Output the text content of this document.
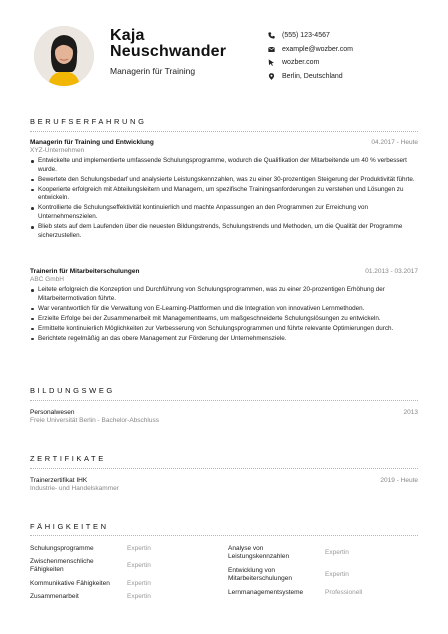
Kaja
Neuschwander
Managerin für Training
(555) 123-4567
example@wozber.com
wozber.com
Berlin, Deutschland
BERUFSERFAHRUNG
Managerin für Training und Entwicklung	04.2017 - Heute
XYZ-Unternehmen
Entwickelte und implementierte umfassende Schulungsprogramme, wodurch die Qualifikation der Mitarbeitende um 40 % verbessert wurde.
Bewertete den Schulungsbedarf und analysierte Leistungskennzahlen, was zu einer 30-prozentigen Steigerung der Produktivität führte.
Kooperierte erfolgreich mit Abteilungsleitern und Managern, um spezifische Trainingsanforderungen zu verstehen und Lösungen zu entwickeln.
Kontrollierte die Schulungseffektivität kontinuierlich und machte Anpassungen an den Programmen zur Erreichung von Unternehmenszielen.
Blieb stets auf dem Laufenden über die neuesten Bildungstrends, Schulungstrends und Methoden, um die Qualität der Programme sicherzustellen.
Trainerin für Mitarbeiterschulungen	01.2013 - 03.2017
ABC GmbH
Leitete erfolgreich die Konzeption und Durchführung von Schulungsprogrammen, was zu einer 20-prozentigen Erhöhung der Mitarbeitermotivation führte.
War verantwortlich für die Verwaltung von E-Learning-Plattformen und die Integration von innovativen Lernmethoden.
Erzielte Erfolge bei der Zusammenarbeit mit Managementteams, um maßgeschneiderte Schulungslösungen zu entwickeln.
Ermittelte kontinuierlich Möglichkeiten zur Verbesserung von Schulungsprogrammen und führte relevante Optimierungen durch.
Berichtete regelmäßig an das obere Management zur Förderung der Unternehmensziele.
BILDUNGSWEG
Personalwesen	2013
Freie Universität Berlin - Bachelor-Abschluss
ZERTIFIKATE
Trainerzertifikat IHK	2019 - Heute
Industrie- und Handelskammer
FÄHIGKEITEN
Schulungsprogramme	Expertin
Zwischenmenschliche Fähigkeiten
Expertin
Kommunikative Fähigkeiten	Expertin
Zusammenarbeit	Expertin
Analyse von Leistungskennzahlen
Expertin
Entwicklung von Mitarbeiterschulungen
Expertin
Lernmanagementsysteme	Professionell
